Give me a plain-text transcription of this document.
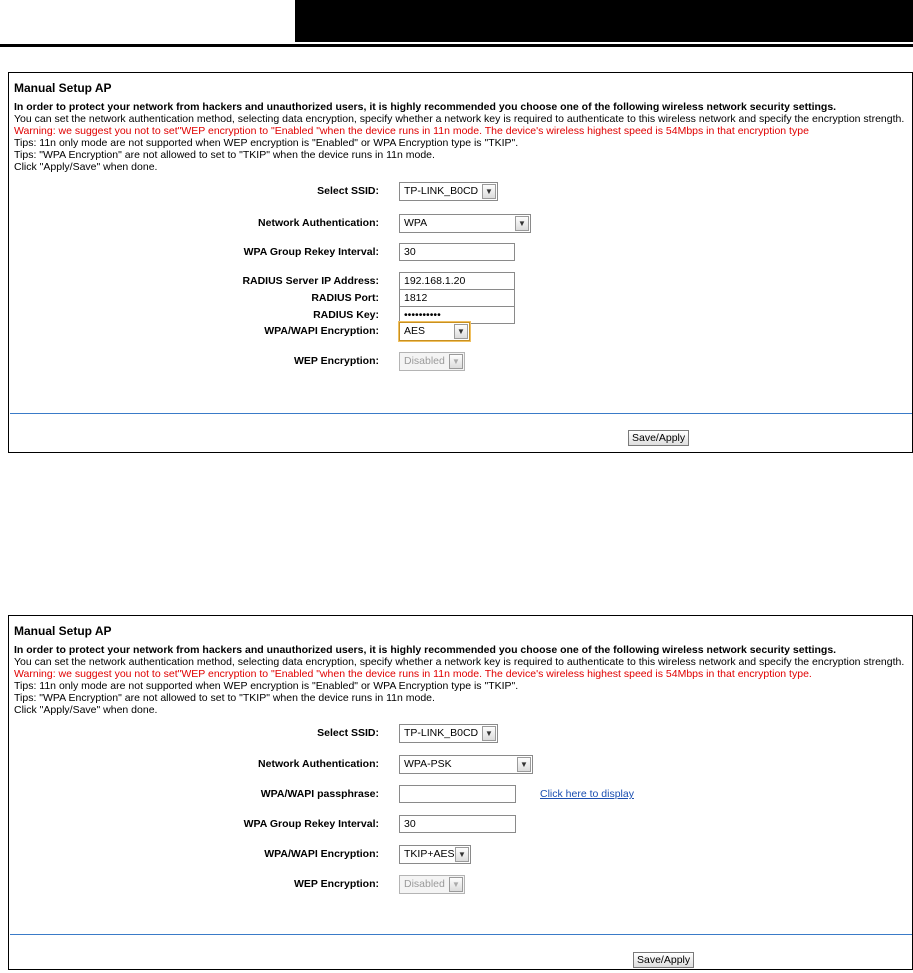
Manual Setup AP
In order to protect your network from hackers and unauthorized users, it is highly recommended you choose one of the following wireless network security settings.
You can set the network authentication method, selecting data encryption, specify whether a network key is required to authenticate to this wireless network and specify the encryption strength.
Warning: we suggest you not to set"WEP encryption to "Enabled "when the device runs in 11n mode. The device's wireless highest speed is 54Mbps in that encryption type
Tips: 11n only mode are not supported when WEP encryption is "Enabled" or WPA Encryption type is "TKIP".
Tips: "WPA Encryption" are not allowed to set to "TKIP" when the device runs in 11n mode.
Click "Apply/Save" when done.
Select SSID: TP-LINK_B0CD ▼
Network Authentication: WPA	▼
WPA Group Rekey Interval:
30
RADIUS Server IP Address:
192.168.1.20
RADIUS Port:
1812
RADIUS Key:
••••••••••
WPA/WAPI Encryption: AES	▼
WEP Encryption: Disabled ▼
Save/Apply
Manual Setup AP
In order to protect your network from hackers and unauthorized users, it is highly recommended you choose one of the following wireless network security settings.
You can set the network authentication method, selecting data encryption, specify whether a network key is required to authenticate to this wireless network and specify the encryption strength.
Warning: we suggest you not to set"WEP encryption to "Enabled "when the device runs in 11n mode. The device's wireless highest speed is 54Mbps in that encryption type.
Tips: 11n only mode are not supported when WEP encryption is "Enabled" or WPA Encryption type is "TKIP".
Tips: "WPA Encryption" are not allowed to set to "TKIP" when the device runs in 11n mode.
Click "Apply/Save" when done.
Select SSID: TP-LINK_B0CD ▼
Network Authentication: WPA-PSK	▼
WPA/WAPI passphrase:	Click here to display
WPA Group Rekey Interval:
30
WPA/WAPI Encryption: TKIP+AES ▼
WEP Encryption: Disabled ▼
Save/Apply
